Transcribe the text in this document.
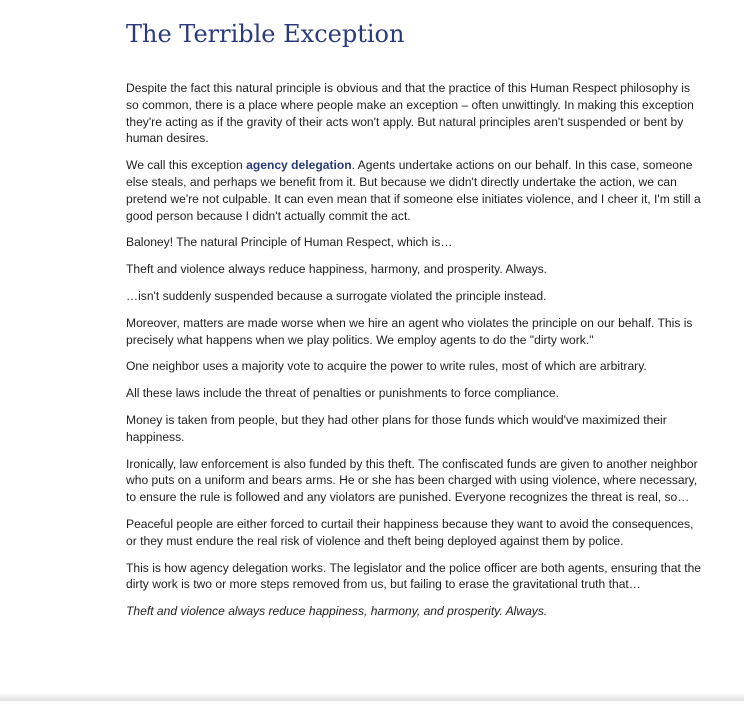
The Terrible Exception

Despite the fact this natural principle is obvious and that the practice of this Human Respect philosophy is so common, there is a place where people make an exception – often unwittingly. In making this exception they're acting as if the gravity of their acts won't apply. But natural principles aren't suspended or bent by human desires.

We call this exception agency delegation. Agents undertake actions on our behalf. In this case, someone else steals, and perhaps we benefit from it. But because we didn't directly undertake the action, we can pretend we're not culpable. It can even mean that if someone else initiates violence, and I cheer it, I'm still a good person because I didn't actually commit the act.

Baloney! The natural Principle of Human Respect, which is…

Theft and violence always reduce happiness, harmony, and prosperity. Always.

…isn't suddenly suspended because a surrogate violated the principle instead.

Moreover, matters are made worse when we hire an agent who violates the principle on our behalf. This is precisely what happens when we play politics. We employ agents to do the "dirty work."

One neighbor uses a majority vote to acquire the power to write rules, most of which are arbitrary.

All these laws include the threat of penalties or punishments to force compliance.

Money is taken from people, but they had other plans for those funds which would've maximized their happiness.

Ironically, law enforcement is also funded by this theft. The confiscated funds are given to another neighbor who puts on a uniform and bears arms. He or she has been charged with using violence, where necessary, to ensure the rule is followed and any violators are punished. Everyone recognizes the threat is real, so…

Peaceful people are either forced to curtail their happiness because they want to avoid the consequences, or they must endure the real risk of violence and theft being deployed against them by police.

This is how agency delegation works. The legislator and the police officer are both agents, ensuring that the dirty work is two or more steps removed from us, but failing to erase the gravitational truth that…

Theft and violence always reduce happiness, harmony, and prosperity. Always.
